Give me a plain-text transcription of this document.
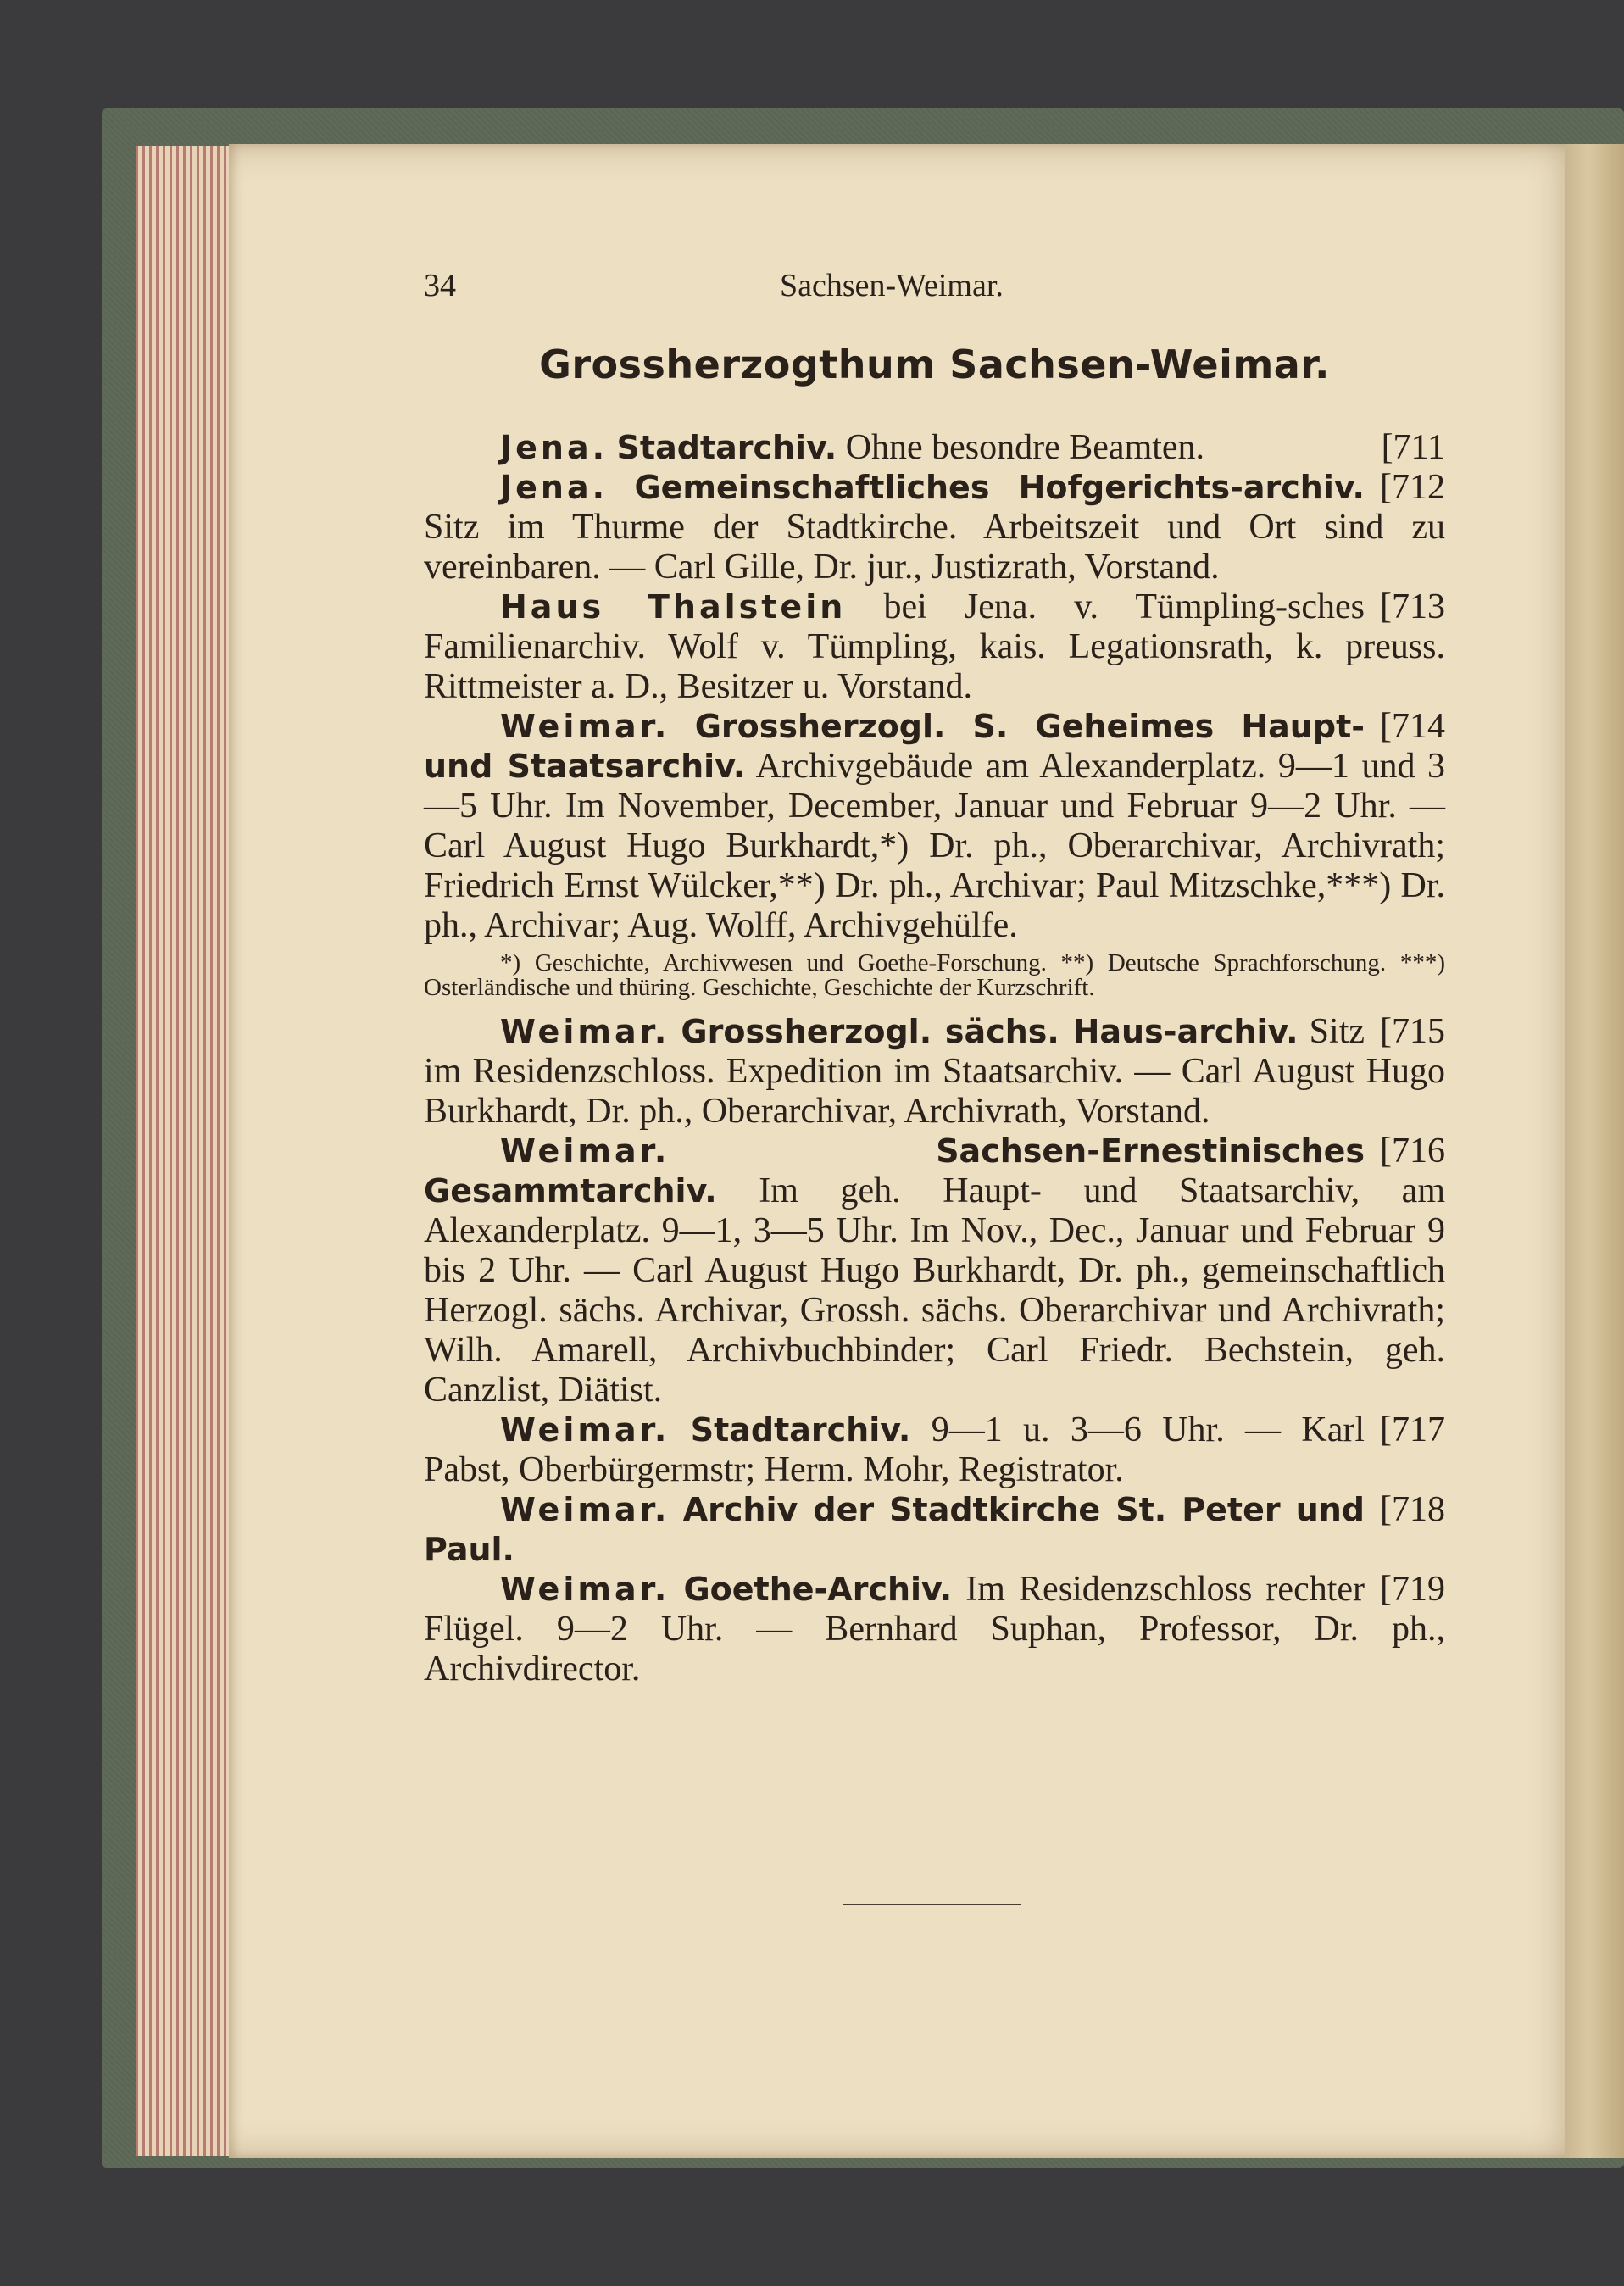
34	Sachsen-Weimar.
Grossherzogthum Sachsen-Weimar.

[711
Jena. Stadtarchiv. Ohne besondre Beamten.

[712
Jena. Gemeinschaftliches Hofgerichts-archiv. Sitz im Thurme der Stadtkirche. Arbeitszeit und Ort sind zu vereinbaren. — Carl Gille, Dr. jur., Justizrath, Vorstand.

[713
Haus Thalstein bei Jena. v. Tümpling-sches Familienarchiv. Wolf v. Tümpling, kais. Legationsrath, k. preuss. Rittmeister a. D., Besitzer u. Vorstand.

[714
Weimar. Grossherzogl. S. Geheimes Haupt- und Staatsarchiv. Archivgebäude am Alexanderplatz. 9—1 und 3—5 Uhr. Im November, December, Januar und Februar 9—2 Uhr. — Carl August Hugo Burkhardt,*) Dr. ph., Oberarchivar, Archivrath; Friedrich Ernst Wülcker,**) Dr. ph., Archivar; Paul Mitzschke,***) Dr. ph., Archivar; Aug. Wolff, Archivgehülfe.

*) Geschichte, Archivwesen und Goethe-Forschung. **) Deutsche Sprachforschung. ***) Osterländische und thüring. Geschichte, Geschichte der Kurzschrift.

[715
Weimar. Grossherzogl. sächs. Haus-archiv. Sitz im Residenzschloss. Expedition im Staatsarchiv. — Carl August Hugo Burkhardt, Dr. ph., Oberarchivar, Archivrath, Vorstand.

[716
Weimar.	Sachsen-Ernestinisches Gesammtarchiv. Im geh. Haupt- und Staatsarchiv, am Alexanderplatz. 9—1, 3—5 Uhr. Im Nov., Dec., Januar und Februar 9 bis 2 Uhr. — Carl August Hugo Burkhardt, Dr. ph., gemeinschaftlich Herzogl. sächs. Archivar, Grossh. sächs. Oberarchivar und Archivrath; Wilh. Amarell, Archivbuchbinder; Carl Friedr. Bechstein, geh. Canzlist, Diätist.

[717
Weimar. Stadtarchiv. 9—1 u. 3—6 Uhr. — Karl Pabst, Oberbürgermstr; Herm. Mohr, Registrator.

[718
Weimar. Archiv der Stadtkirche St. Peter und Paul.

[719
Weimar. Goethe-Archiv. Im Residenzschloss rechter Flügel. 9—2 Uhr. — Bernhard Suphan, Professor, Dr. ph., Archivdirector.
